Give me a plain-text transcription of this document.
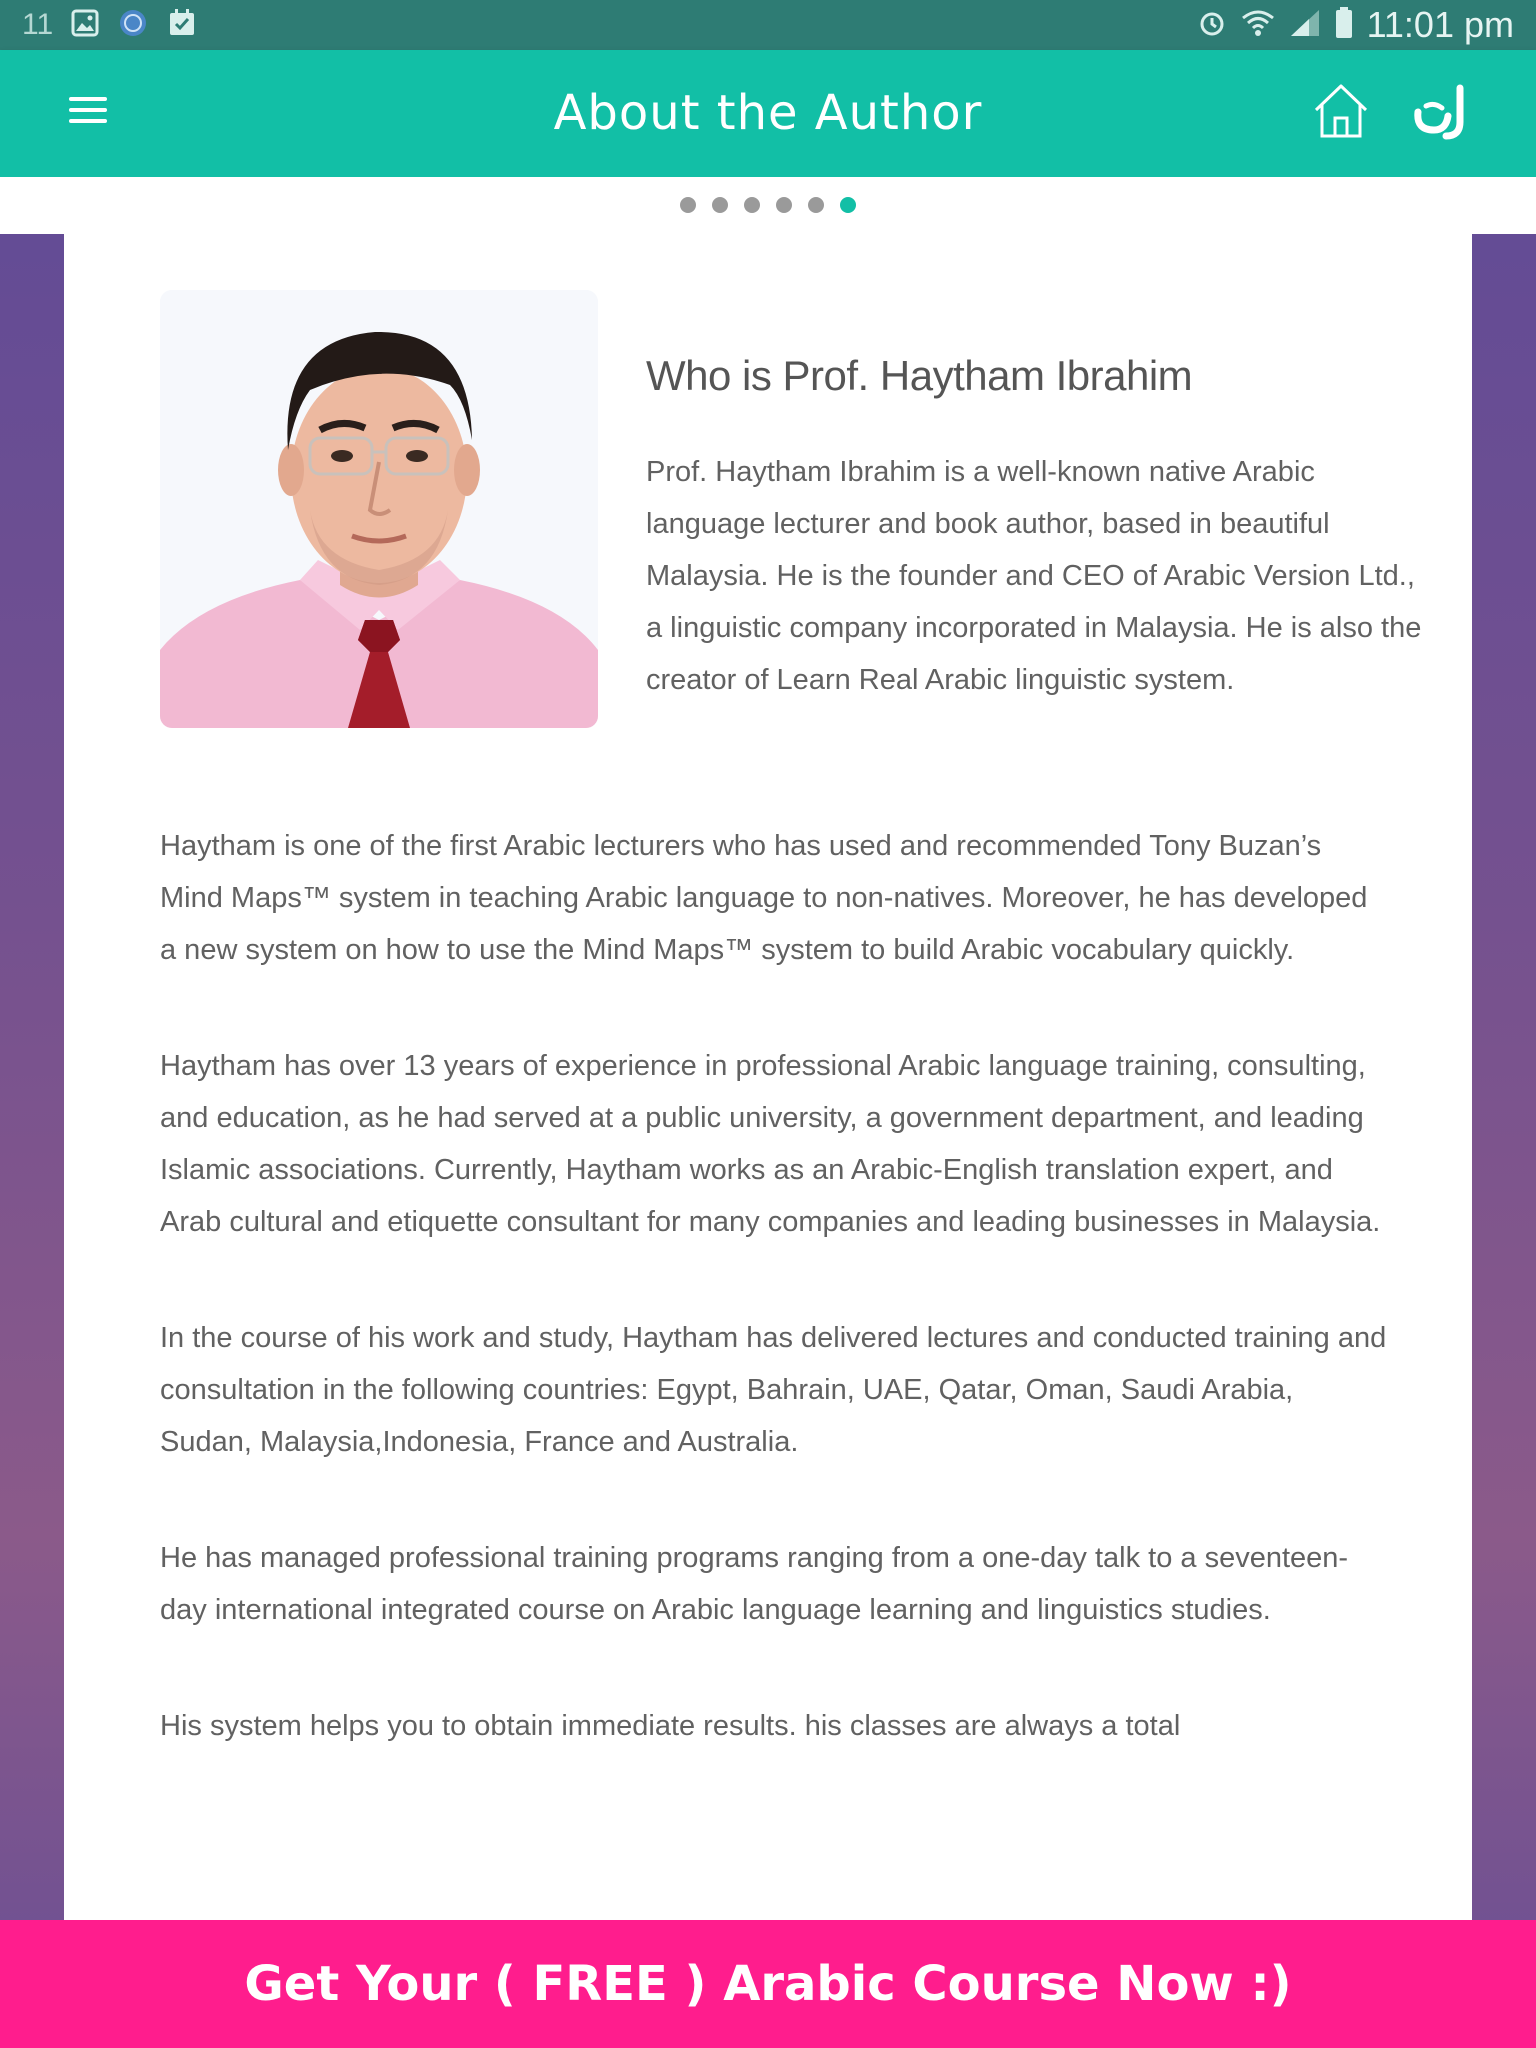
11	11:01 pm
About the Author
Who is Prof. Haytham Ibrahim

Prof. Haytham Ibrahim is a well-known native Arabic language lecturer and book author, based in beautiful Malaysia. He is the founder and CEO of Arabic Version Ltd., a linguistic company incorporated in Malaysia. He is also the creator of Learn Real Arabic linguistic system.

Haytham is one of the first Arabic lecturers who has used and recommended Tony Buzan’s Mind Maps™ system in teaching Arabic language to non-natives. Moreover, he has developed a new system on how to use the Mind Maps™ system to build Arabic vocabulary quickly.

Haytham has over 13 years of experience in professional Arabic language training, consulting, and education, as he had served at a public university, a government department, and leading Islamic associations. Currently, Haytham works as an Arabic-English translation expert, and Arab cultural and etiquette consultant for many companies and leading businesses in Malaysia.

In the course of his work and study, Haytham has delivered lectures and conducted training and consultation in the following countries: Egypt, Bahrain, UAE, Qatar, Oman, Saudi Arabia, Sudan, Malaysia,Indonesia, France and Australia.

He has managed professional training programs ranging from a one-day talk to a seventeen-day international integrated course on Arabic language learning and linguistics studies.

His system helps you to obtain immediate results. his classes are always a total

Get Your ( FREE ) Arabic Course Now :)
